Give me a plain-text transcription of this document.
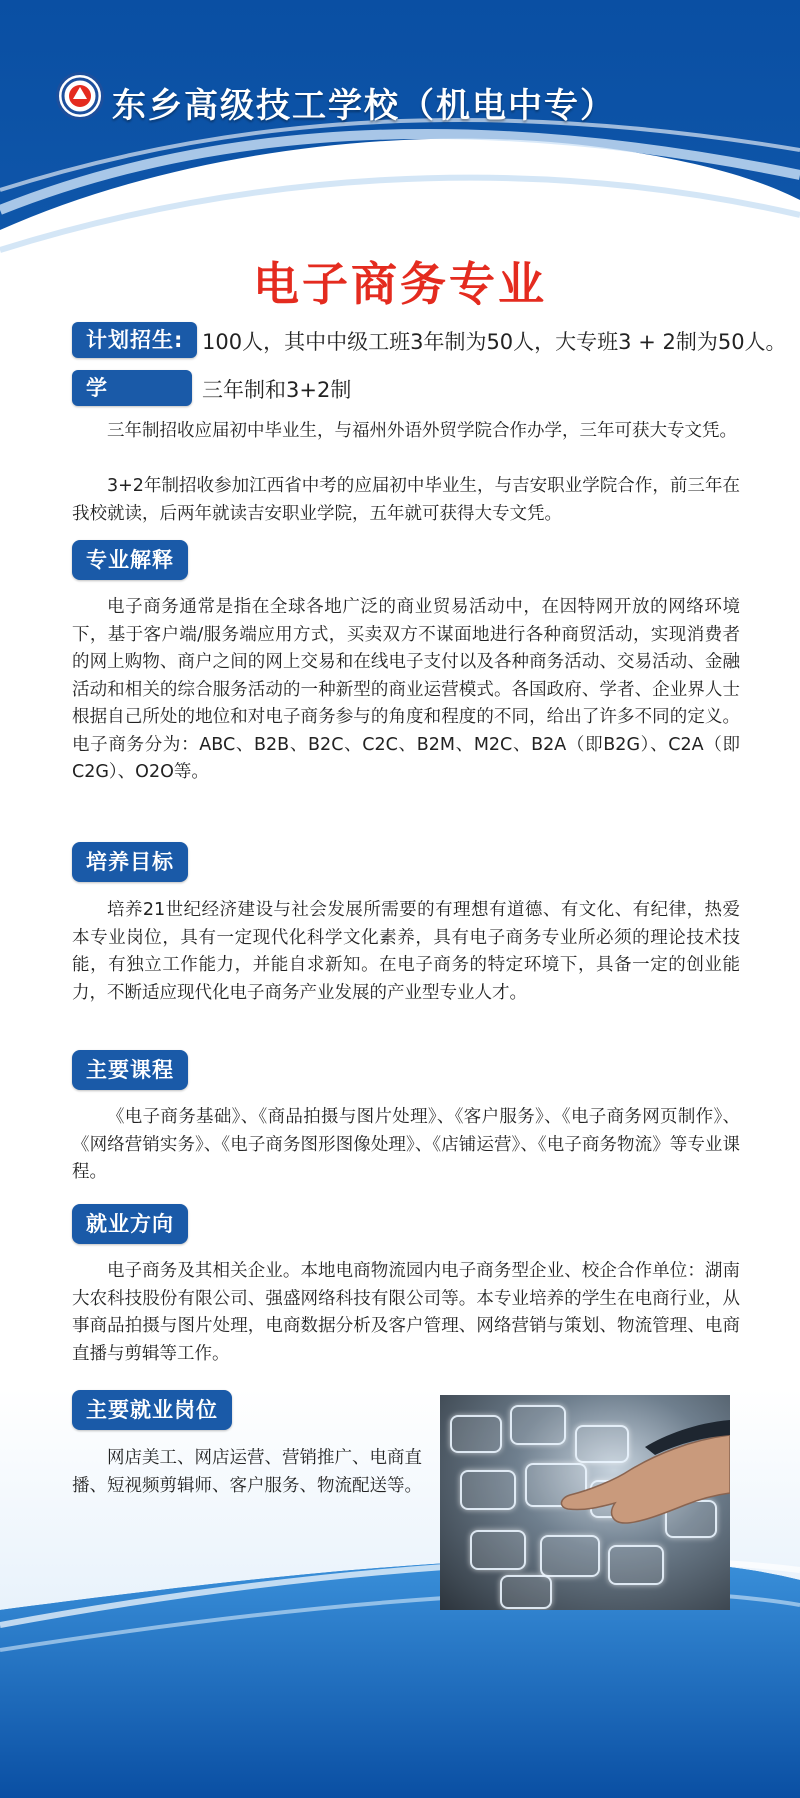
东乡高级技工学校（机电中专）
电子商务专业
计划招生: 100人，其中中级工班3年制为50人，大专班3 + 2制为50人。
学　　制:
三年制和3+2制

三年制招收应届初中毕业生，与福州外语外贸学院合作办学，三年可获大专文凭。

3+2年制招收参加江西省中考的应届初中毕业生，与吉安职业学院合作，前三年在我校就读，后两年就读吉安职业学院，五年就可获得大专文凭。

专业解释

电子商务通常是指在全球各地广泛的商业贸易活动中，在因特网开放的网络环境下，基于客户端/服务端应用方式，买卖双方不谋面地进行各种商贸活动，实现消费者的网上购物、商户之间的网上交易和在线电子支付以及各种商务活动、交易活动、金融活动和相关的综合服务活动的一种新型的商业运营模式。各国政府、学者、企业界人士根据自己所处的地位和对电子商务参与的角度和程度的不同，给出了许多不同的定义。电子商务分为：ABC、B2B、B2C、C2C、B2M、M2C、B2A（即B2G）、C2A（即C2G）、O2O等。

培养目标

培养21世纪经济建设与社会发展所需要的有理想有道德、有文化、有纪律，热爱本专业岗位，具有一定现代化科学文化素养，具有电子商务专业所必须的理论技术技能，有独立工作能力，并能自求新知。在电子商务的特定环境下，具备一定的创业能力，不断适应现代化电子商务产业发展的产业型专业人才。

主要课程

《电子商务基础》、《商品拍摄与图片处理》、《客户服务》、《电子商务网页制作》、《网络营销实务》、《电子商务图形图像处理》、《店铺运营》、《电子商务物流》等专业课程。

就业方向

电子商务及其相关企业。本地电商物流园内电子商务型企业、校企合作单位：湖南大农科技股份有限公司、强盛网络科技有限公司等。本专业培养的学生在电商行业，从事商品拍摄与图片处理，电商数据分析及客户管理、网络营销与策划、物流管理、电商直播与剪辑等工作。

主要就业岗位

网店美工、网店运营、营销推广、电商直播、短视频剪辑师、客户服务、物流配送等。
